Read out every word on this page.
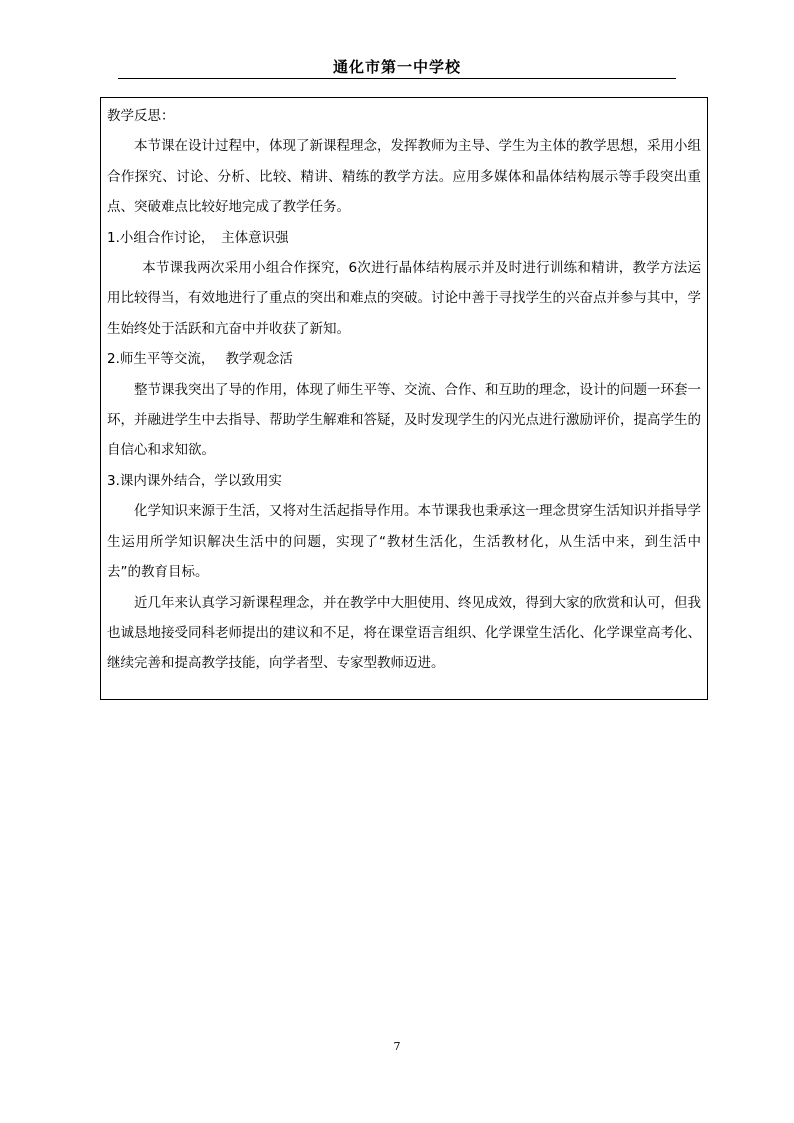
通化市第一中学校

教学反思：

本节课在设计过程中，体现了新课程理念，发挥教师为主导、学生为主体的教学思想，采用小组合作探究、讨论、分析、比较、精讲、精练的教学方法。应用多媒体和晶体结构展示等手段突出重点、突破难点比较好地完成了教学任务。

1.小组合作讨论，　主体意识强

本节课我两次采用小组合作探究，6次进行晶体结构展示并及时进行训练和精讲，教学方法运用比较得当，有效地进行了重点的突出和难点的突破。讨论中善于寻找学生的兴奋点并参与其中，学生始终处于活跃和亢奋中并收获了新知。

2.师生平等交流，　 教学观念活

整节课我突出了导的作用，体现了师生平等、交流、合作、和互助的理念，设计的问题一环套一环，并融进学生中去指导、帮助学生解难和答疑，及时发现学生的闪光点进行激励评价，提高学生的自信心和求知欲。

3.课内课外结合，学以致用实

化学知识来源于生活，又将对生活起指导作用。本节课我也秉承这一理念贯穿生活知识并指导学生运用所学知识解决生活中的问题，实现了“教材生活化，生活教材化，从生活中来，到生活中去”的教育目标。

近几年来认真学习新课程理念，并在教学中大胆使用、终见成效，得到大家的欣赏和认可，但我也诚恳地接受同科老师提出的建议和不足，将在课堂语言组织、化学课堂生活化、化学课堂高考化、继续完善和提高教学技能，向学者型、专家型教师迈进。

7
